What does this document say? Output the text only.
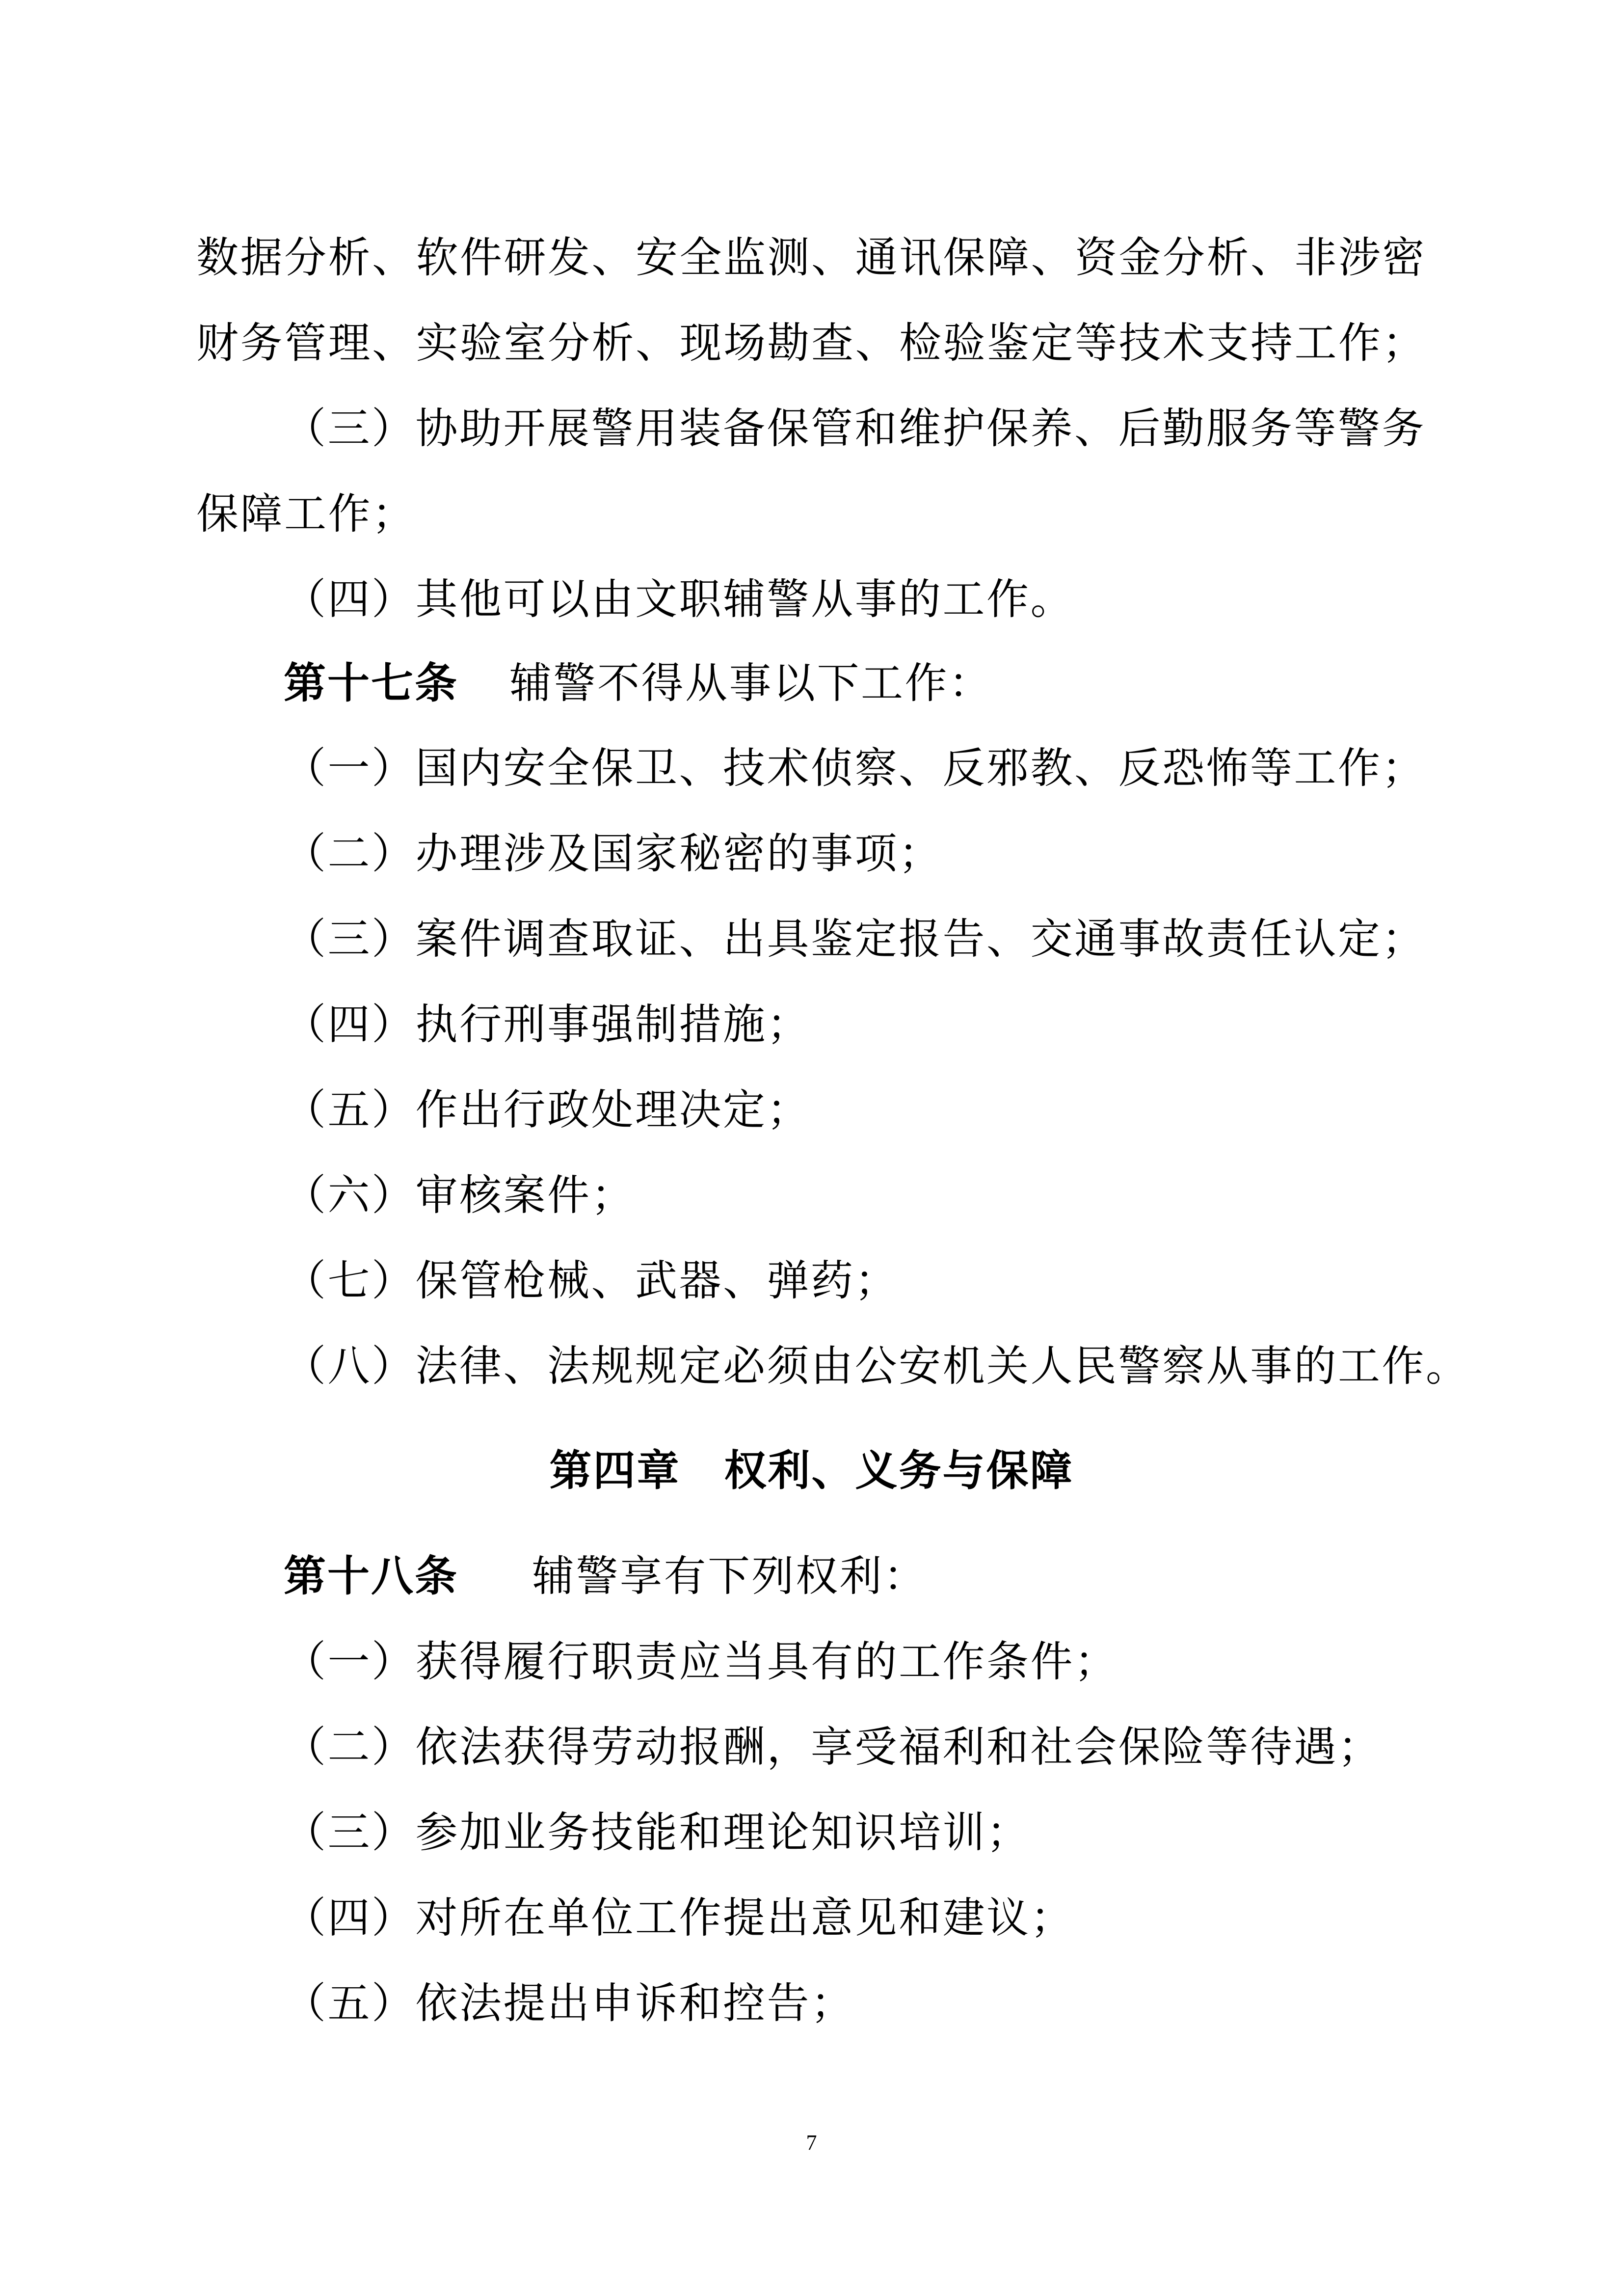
数据分析、软件研发、安全监测、通讯保障、资金分析、非涉密
财务管理、实验室分析、现场勘查、检验鉴定等技术支持工作；
（三）协助开展警用装备保管和维护保养、后勤服务等警务
保障工作；
（四）其他可以由文职辅警从事的工作。
第十七条 辅警不得从事以下工作：
（一）国内安全保卫、技术侦察、反邪教、反恐怖等工作；
（二）办理涉及国家秘密的事项；
（三）案件调查取证、出具鉴定报告、交通事故责任认定；
（四）执行刑事强制措施；
（五）作出行政处理决定；
（六）审核案件；
（七）保管枪械、武器、弹药；
（八）法律、法规规定必须由公安机关人民警察从事的工作。
第四章 权利、义务与保障
第十八条 辅警享有下列权利：
（一）获得履行职责应当具有的工作条件；
（二）依法获得劳动报酬，享受福利和社会保险等待遇；
（三）参加业务技能和理论知识培训；
（四）对所在单位工作提出意见和建议；
（五）依法提出申诉和控告；
7
